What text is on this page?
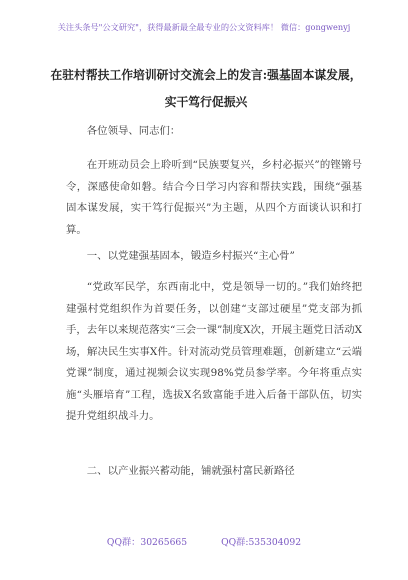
关注头条号"公文研究"，获得最新最全最专业的公文资料库！ 微信：gongwenyj
在驻村帮扶工作培训研讨交流会上的发言:强基固本谋发展，
实干笃行促振兴

各位领导、同志们：

在开班动员会上聆听到“民族要复兴，乡村必振兴”的铿锵号令，深感使命如磐。结合今日学习内容和帮扶实践，围绕“强基固本谋发展，实干笃行促振兴”为主题，从四个方面谈认识和打算。

一、以党建强基固本，锻造乡村振兴“主心骨”

“党政军民学，东西南北中，党是领导一切的。”我们始终把建强村党组织作为首要任务，以创建“支部过硬星”党支部为抓手，去年以来规范落实“三会一课”制度X次，开展主题党日活动X场，解决民生实事X件。针对流动党员管理难题，创新建立“云端党课”制度，通过视频会议实现98%党员参学率。今年将重点实施“头雁培育”工程，选拔X名致富能手进入后备干部队伍，切实提升党组织战斗力。

二、以产业振兴蓄动能，铺就强村富民新路径

QQ群：30265665	QQ群:535304092
